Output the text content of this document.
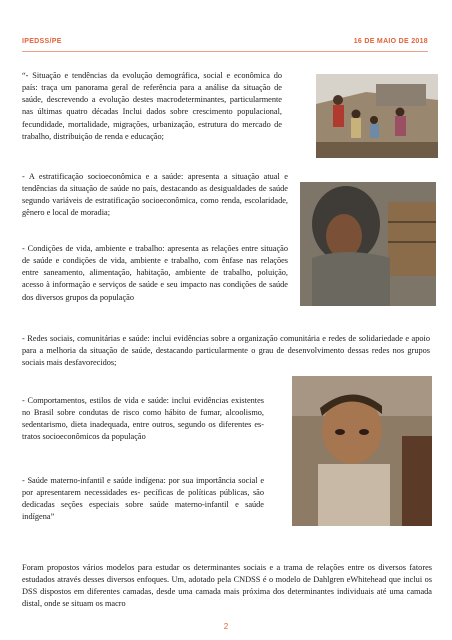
IPEDSS/PE	16 DE MAIO DE 2018

“- Situação e tendências da evolução demográfica, social e econômica do país: traça um panorama geral de referência para a análise da situação de saúde, descrevendo a evolução destes macrodeterminantes, particularmente nas últimas quatro décadas Inclui dados sobre crescimento populacional, fecundidade, mortalidade, migrações, urbanização, estrutura do mercado de trabalho, distribuição de renda e educação;

- A estratificação socioeconômica e a saúde: apresenta a situação atual e tendências da situação de saúde no país, destacando as desigualdades de saúde segundo variáveis de estratificação socioeconômica, como renda, escolaridade, gênero e local de moradia;

- Condições de vida, ambiente e trabalho: apresenta as relações entre situação de saúde e condições de vida, ambiente e trabalho, com ênfase nas relações entre saneamento, alimentação, habitação, ambiente de trabalho, poluição, acesso à informação e serviços de saúde e seu impacto nas condições de saúde dos diversos grupos da população

- Redes sociais, comunitárias e saúde: inclui evidências sobre a organização comunitária e redes de solidariedade e apoio para a melhoria da situação de saúde, destacando particularmente o grau de desenvolvimento dessas redes nos grupos sociais mais desfavorecidos;

- Comportamentos, estilos de vida e saúde: inclui evidências existentes no Brasil sobre condutas de risco como hábito de fumar, alcoolismo, sedentarismo, dieta inadequada, entre outros, segundo os diferentes es- tratos socioeconômicos da população

- Saúde materno-infantil e saúde indígena: por sua importância social e por apresentarem necessidades es- pecíficas de políticas públicas, são dedicadas seções especiais sobre saúde materno-infantil e saúde indígena”

Foram propostos vários modelos para estudar os determinantes sociais e a trama de relações entre os diversos fatores estudados através desses diversos enfoques. Um, adotado pela CNDSS é o modelo de Dahlgren eWhitehead que inclui os DSS dispostos em diferentes camadas, desde uma camada mais próxima dos determinantes individuais até uma camada distal, onde se situam os macro

2
